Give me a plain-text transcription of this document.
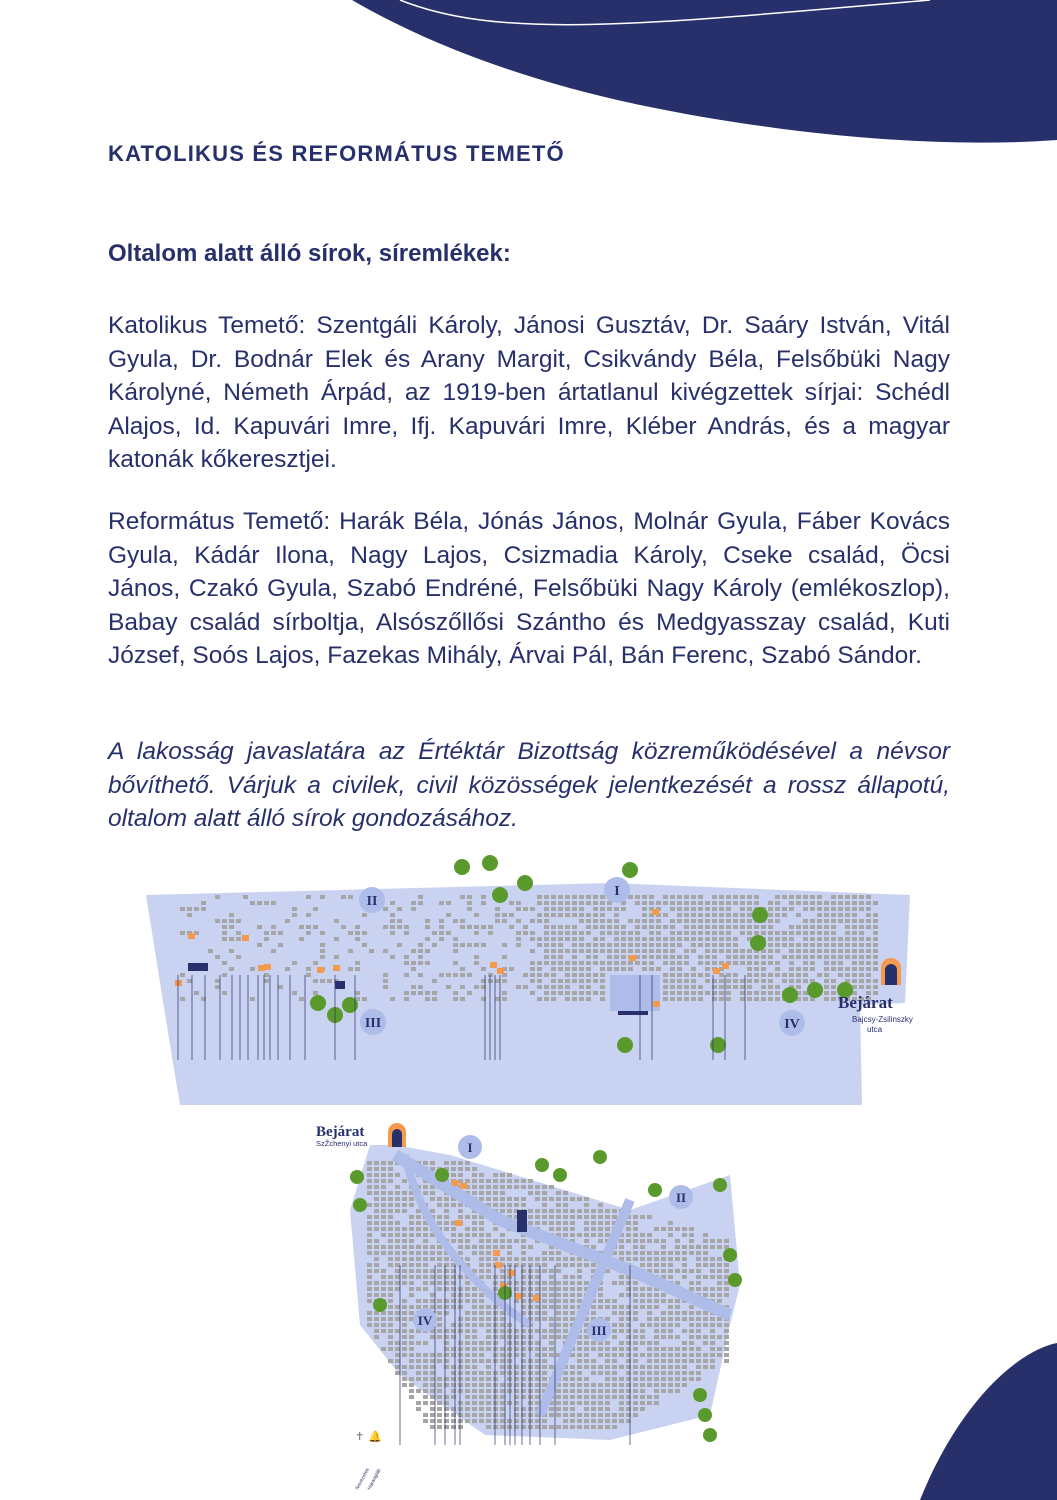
KATOLIKUS ÉS REFORMÁTUS TEMETŐ
Oltalom alatt álló sírok, síremlékek:

Katolikus Temető: Szentgáli Károly, Jánosi Gusztáv, Dr. Saáry István, Vitál Gyula, Dr. Bodnár Elek és Arany Margit, Csikvándy Béla, Felsőbüki Nagy Károlyné, Németh Árpád, az 1919-ben ártatlanul kivégzettek sírjai: Schédl Alajos, Id. Kapuvári Imre, Ifj. Kapuvári Imre, Kléber András, és a magyar katonák kőkeresztjei.

Református Temető: Harák Béla, Jónás János, Molnár Gyula, Fáber Kovács Gyula, Kádár Ilona, Nagy Lajos, Csizmadia Károly, Cseke család, Öcsi János, Czakó Gyula, Szabó Endréné, Felsőbüki Nagy Károly (emlékoszlop), Babay család sírboltja, Alsószőllősi Szántho és Medgyasszay család, Kuti József, Soós Lajos, Fazekas Mihály, Árvai Pál, Bán Ferenc, Szabó Sándor.

A lakosság javaslatára az Értéktár Bizottság közreműködésével a névsor bővíthető. Várjuk a civilek, civil közösségek jelentkezését a rossz állapotú, oltalom alatt álló sírok gondozásához.

I
II
III	IV
Bejárat
Bajcsy-Zsilinszky
utca
I
II
III
IV
Bejárat
SzŽchenyi utca
✝ 🔔
Nevezetes
Harangláb
